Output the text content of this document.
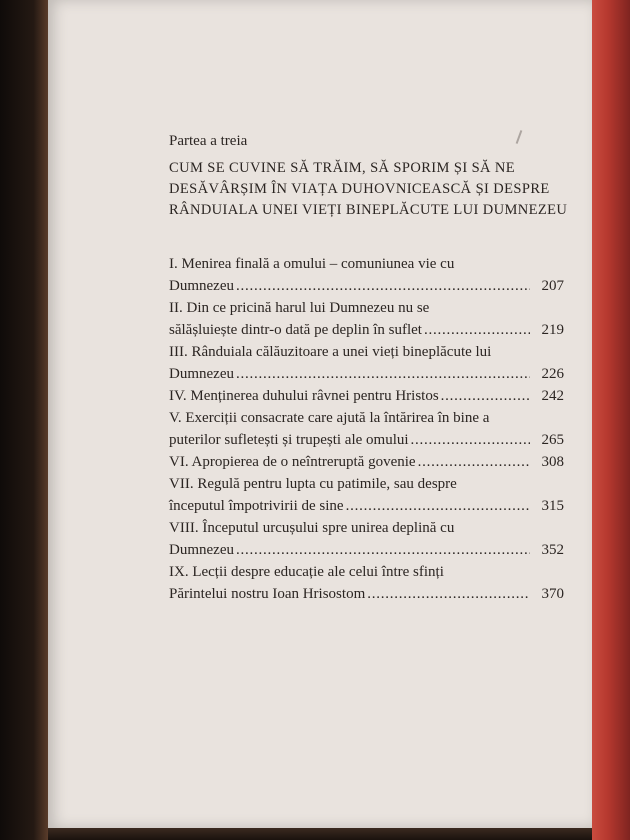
Partea a treia
CUM SE CUVINE SĂ TRĂIM, SĂ SPORIM ȘI SĂ NE DESĂVÂRȘIM ÎN VIAȚA DUHOVNICEASCĂ ȘI DESPRE RÂNDUIALA UNEI VIEȚI BINEPLĂCUTE LUI DUMNEZEU
I. Menirea finală a omului – comuniunea vie cu
Dumnezeu . . .	207
II. Din ce pricină harul lui Dumnezeu nu se
sălășluiește dintr-o dată pe deplin în suflet . . .	219
III. Rânduiala călăuzitoare a unei vieți bineplăcute lui
Dumnezeu . . .	226
IV. Menținerea duhului râvnei pentru Hristos . . .	242
V. Exerciții consacrate care ajută la întărirea în bine a
puterilor sufletești și trupești ale omului . . .	265
VI. Apropierea de o neîntreruptă govenie . . .	308
VII. Regulă pentru lupta cu patimile, sau despre
începutul împotrivirii de sine . . .	315
VIII. Începutul urcușului spre unirea deplină cu
Dumnezeu . . .	352
IX. Lecții despre educație ale celui între sfinți
Părintelui nostru Ioan Hrisostom . . .	370
